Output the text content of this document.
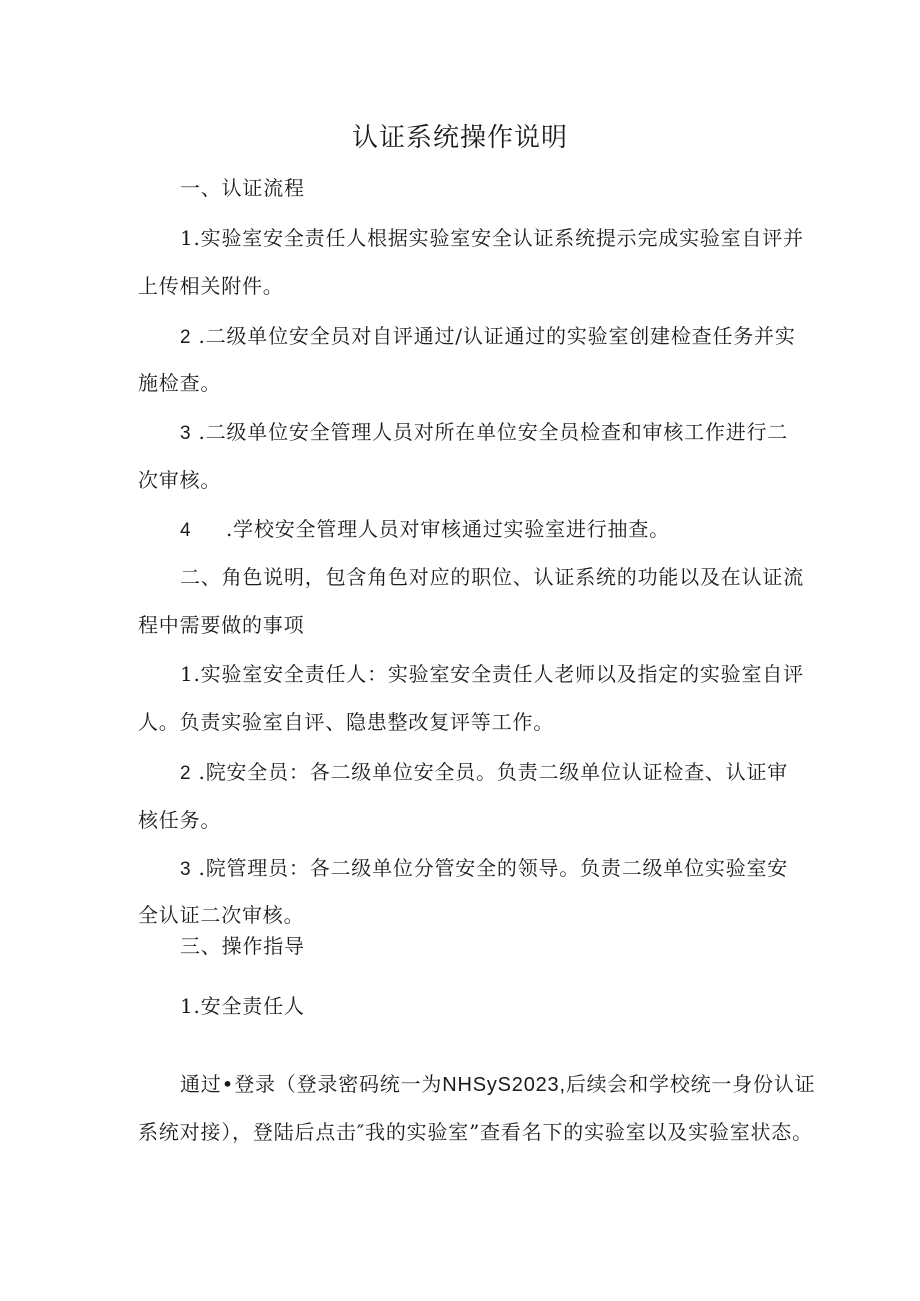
认证系统操作说明
一、认证流程
1.实验室安全责任人根据实验室安全认证系统提示完成实验室自评并
上传相关附件。
2 .二级单位安全员对自评通过/认证通过的实验室创建检查任务并实
施检查。
3 .二级单位安全管理人员对所在单位安全员检查和审核工作进行二
次审核。
4 .学校安全管理人员对审核通过实验室进行抽查。
二、角色说明，包含角色对应的职位、认证系统的功能以及在认证流
程中需要做的事项
1.实验室安全责任人：实验室安全责任人老师以及指定的实验室自评
人。负责实验室自评、隐患整改复评等工作。
2 .院安全员：各二级单位安全员。负责二级单位认证检查、认证审
核任务。
3 .院管理员：各二级单位分管安全的领导。负责二级单位实验室安
全认证二次审核。
三、操作指导
1.安全责任人
通过•登录（登录密码统一为NHSyS2023,后续会和学校统一身份认证
系统对接），登陆后点击″我的实验室”查看名下的实验室以及实验室状态。
